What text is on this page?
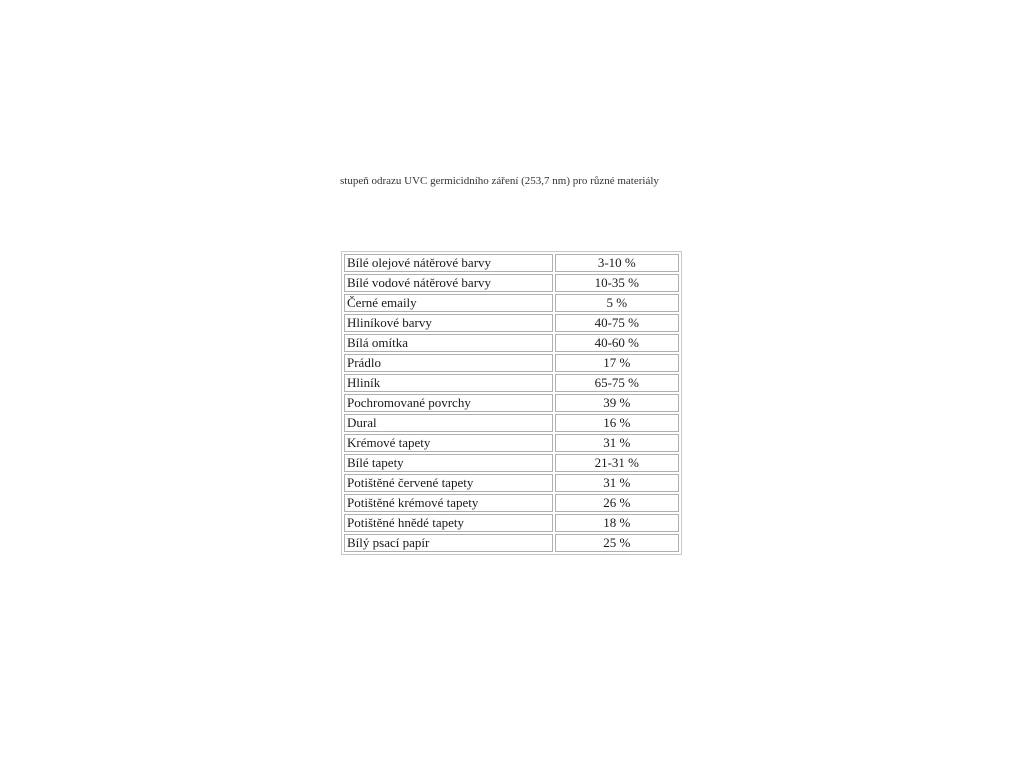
stupeň odrazu UVC germicidního záření (253,7 nm) pro různé materiály
Bílé olejové nátěrové barvy	3-10 %
Bílé vodové nátěrové barvy	10-35 %
Černé emaily	5 %
Hliníkové barvy	40-75 %
Bílá omítka	40-60 %
Prádlo	17 %
Hliník	65-75 %
Pochromované povrchy	39 %
Dural	16 %
Krémové tapety	31 %
Bílé tapety	21-31 %
Potištěné červené tapety	31 %
Potištěné krémové tapety	26 %
Potištěné hnědé tapety	18 %
Bílý psací papír	25 %
